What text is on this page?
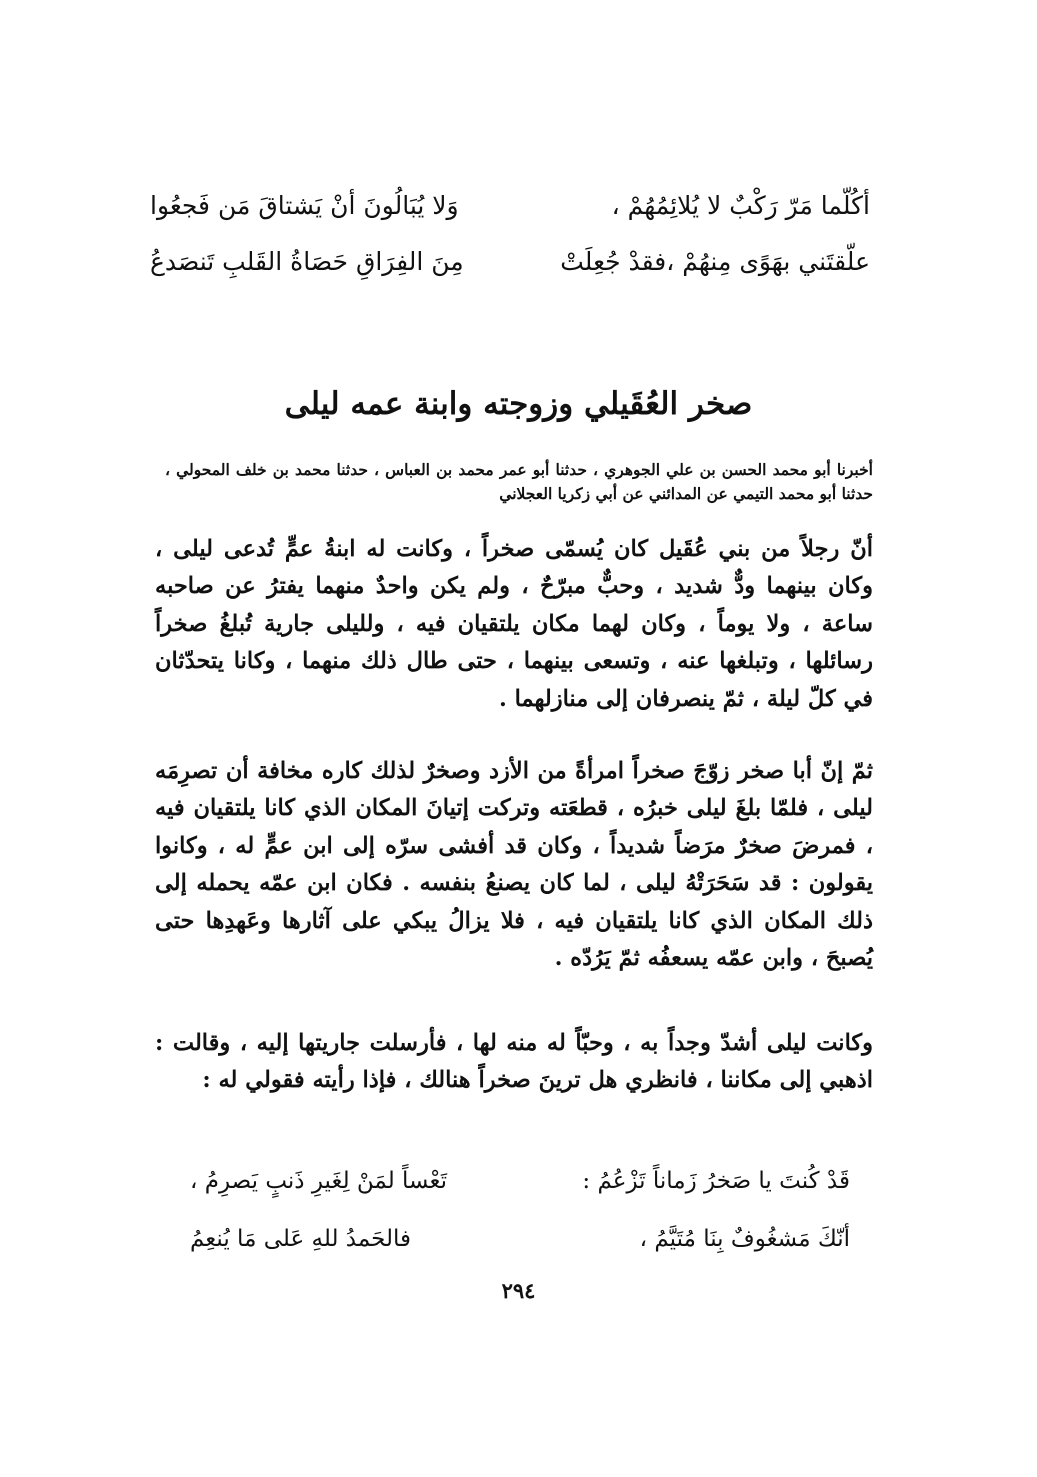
أكُلّما مَرّ رَكْبٌ لا يُلائِمُهُمْ ،
وَلا يُبَالُونَ أنْ يَشتاقَ مَن فَجعُوا
علّقتَني بهَوًى مِنهُمْ ،فقدْ جُعِلَتْ
مِنَ الفِرَاقِ حَصَاةُ القَلبِ تَنصَدعُ
صخر العُقَيلي وزوجته وابنة عمه ليلى

أخبرنا أبو محمد الحسن بن علي الجوهري ، حدثنا أبو عمر محمد بن العباس ، حدثنا محمد بن خلف المحولي ، حدثنا أبو محمد التيمي عن المدائني عن أبي زكريا العجلاني

أنّ رجلاً من بني عُقَيل كان يُسمّى صخراً ، وكانت له ابنةُ عمٍّ تُدعى ليلى ، وكان بينهما ودٌّ شديد ، وحبٌّ مبرّحٌ ، ولم يكن واحدٌ منهما يفترُ عن صاحبه ساعة ، ولا يوماً ، وكان لهما مكان يلتقيان فيه ، ولليلى جارية تُبلغُ صخراً رسائلها ، وتبلغها عنه ، وتسعى بينهما ، حتى طال ذلك منهما ، وكانا يتحدّثان في كلّ ليلة ، ثمّ ينصرفان إلى منازلهما .

ثمّ إنّ أبا صخر زوّجَ صخراً امرأةً من الأزد وصخرٌ لذلك كاره مخافة أن تصرِمَه ليلى ، فلمّا بلغَ ليلى خبرُه ، قطعَته وتركت إتيانَ المكان الذي كانا يلتقيان فيه ، فمرضَ صخرٌ مرَضاً شديداً ، وكان قد أفشى سرّه إلى ابن عمٍّ له ، وكانوا يقولون : قد سَحَرَتْهُ ليلى ، لما كان يصنعُ بنفسه . فكان ابن عمّه يحمله إلى ذلك المكان الذي كانا يلتقيان فيه ، فلا يزالُ يبكي على آثارها وعَهدِها حتى يُصبحَ ، وابن عمّه يسعفُه ثمّ يَرُدّه .

وكانت ليلى أشدّ وجداً به ، وحبّاً له منه لها ، فأرسلت جاريتها إليه ، وقالت : اذهبي إلى مكاننا ، فانظري هل ترينَ صخراً هنالك ، فإذا رأيته فقولي له :

قَدْ كُنتَ يا صَخرُ زَماناً تَزْعُمُ :
تَعْساً لمَنْ لِغَيرِ ذَنبٍ يَصرِمُ ،
أنّكَ مَشغُوفٌ بِنَا مُتَيَّمُ ،
فالحَمدُ للهِ عَلى مَا يُنعِمُ
٢٩٤
